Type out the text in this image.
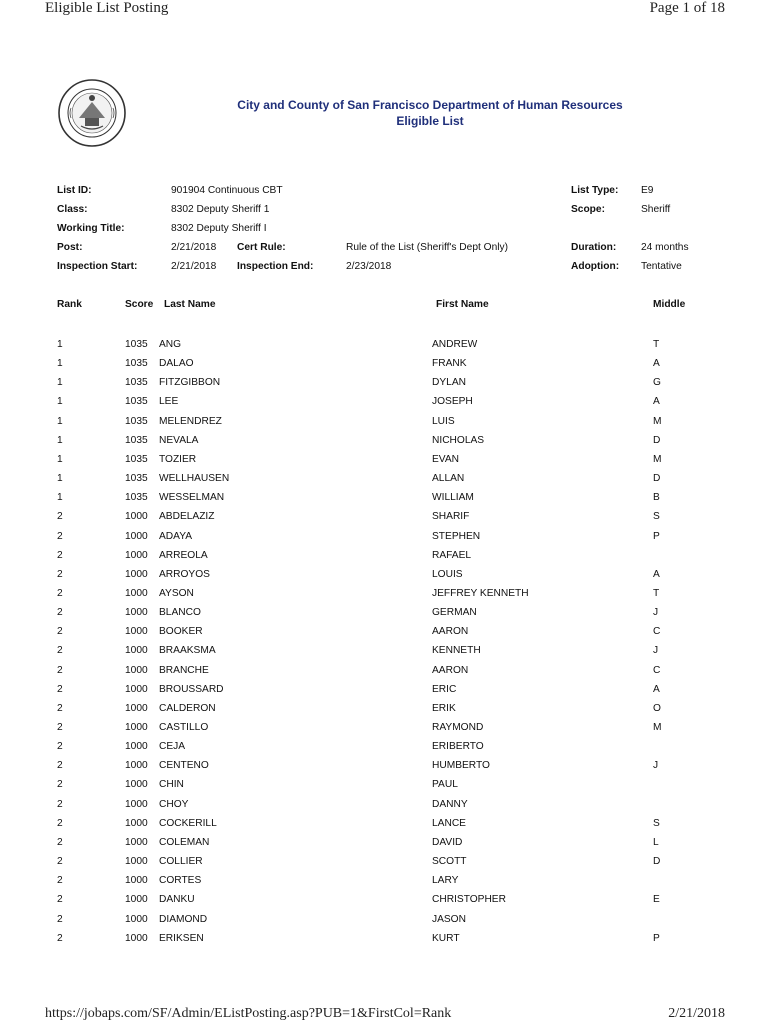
Eligible List Posting	Page 1 of 18
City and County of San Francisco Department of Human Resources
Eligible List
List ID:	901904 Continuous CBT	List Type: E9
Class:	8302 Deputy Sheriff 1	Scope:	Sheriff
Working Title:	8302 Deputy Sheriff I
Post:	2/21/2018 Cert Rule:	Rule of the List (Sheriff's Dept Only)	Duration: 24 months
Inspection Start:	2/21/2018 Inspection End:	2/23/2018	Adoption: Tentative
Rank	Score Last Name	First Name	Middle
1	1035 ANG	ANDREW	T
1	1035 DALAO	FRANK	A
1	1035 FITZGIBBON	DYLAN	G
1	1035 LEE	JOSEPH	A
1	1035 MELENDREZ	LUIS	M
1	1035 NEVALA	NICHOLAS	D
1	1035 TOZIER	EVAN	M
1	1035 WELLHAUSEN	ALLAN	D
1	1035 WESSELMAN	WILLIAM	B
2	1000 ABDELAZIZ	SHARIF	S
2	1000 ADAYA	STEPHEN	P
2	1000 ARREOLA	RAFAEL
2	1000 ARROYOS	LOUIS	A
2	1000 AYSON	JEFFREY KENNETH	T
2	1000 BLANCO	GERMAN	J
2	1000 BOOKER	AARON	C
2	1000 BRAAKSMA	KENNETH	J
2	1000 BRANCHE	AARON	C
2	1000 BROUSSARD	ERIC	A
2	1000 CALDERON	ERIK	O
2	1000 CASTILLO	RAYMOND	M
2	1000 CEJA	ERIBERTO
2	1000 CENTENO	HUMBERTO	J
2	1000 CHIN	PAUL
2	1000 CHOY	DANNY
2	1000 COCKERILL	LANCE	S
2	1000 COLEMAN	DAVID	L
2	1000 COLLIER	SCOTT	D
2	1000 CORTES	LARY
2	1000 DANKU	CHRISTOPHER	E
2	1000 DIAMOND	JASON
2	1000 ERIKSEN	KURT	P
https://jobaps.com/SF/Admin/EListPosting.asp?PUB=1&FirstCol=Rank	2/21/2018
